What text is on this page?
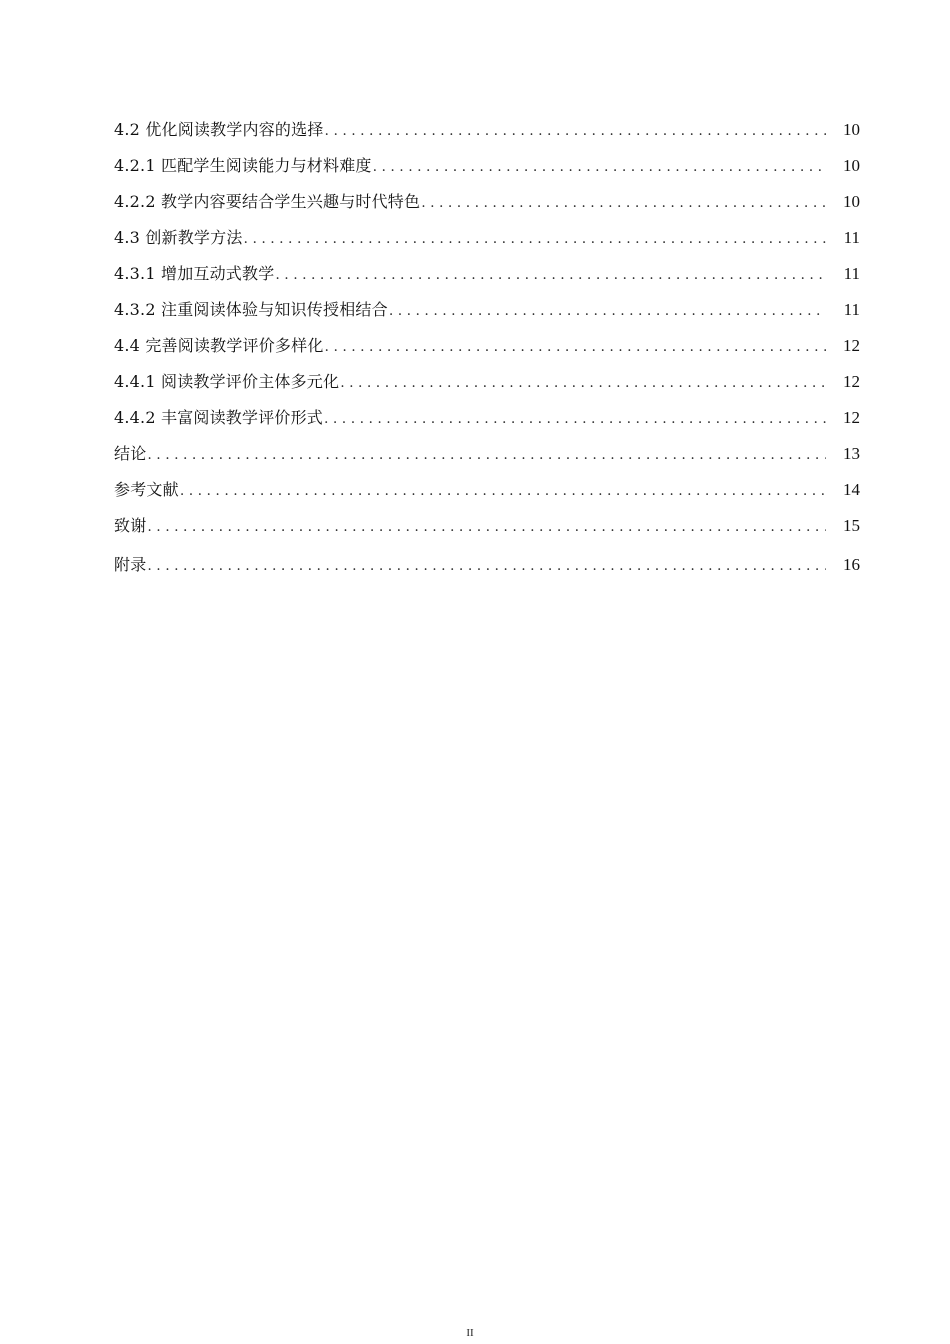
4.2 优化阅读教学内容的选择 . . .	10
4.2.1 匹配学生阅读能力与材料难度 . . .	10
4.2.2 教学内容要结合学生兴趣与时代特色 . . .	10
4.3 创新教学方法 . . .	11
4.3.1 增加互动式教学 . . .	11
4.3.2 注重阅读体验与知识传授相结合 . . .	11
4.4 完善阅读教学评价多样化 . . .	12
4.4.1 阅读教学评价主体多元化 . . .	12
4.4.2 丰富阅读教学评价形式 . . .	12
结论 . . .	13
参考文献 . . .	14
致谢 . . .	15
附录 . . .	16
II
